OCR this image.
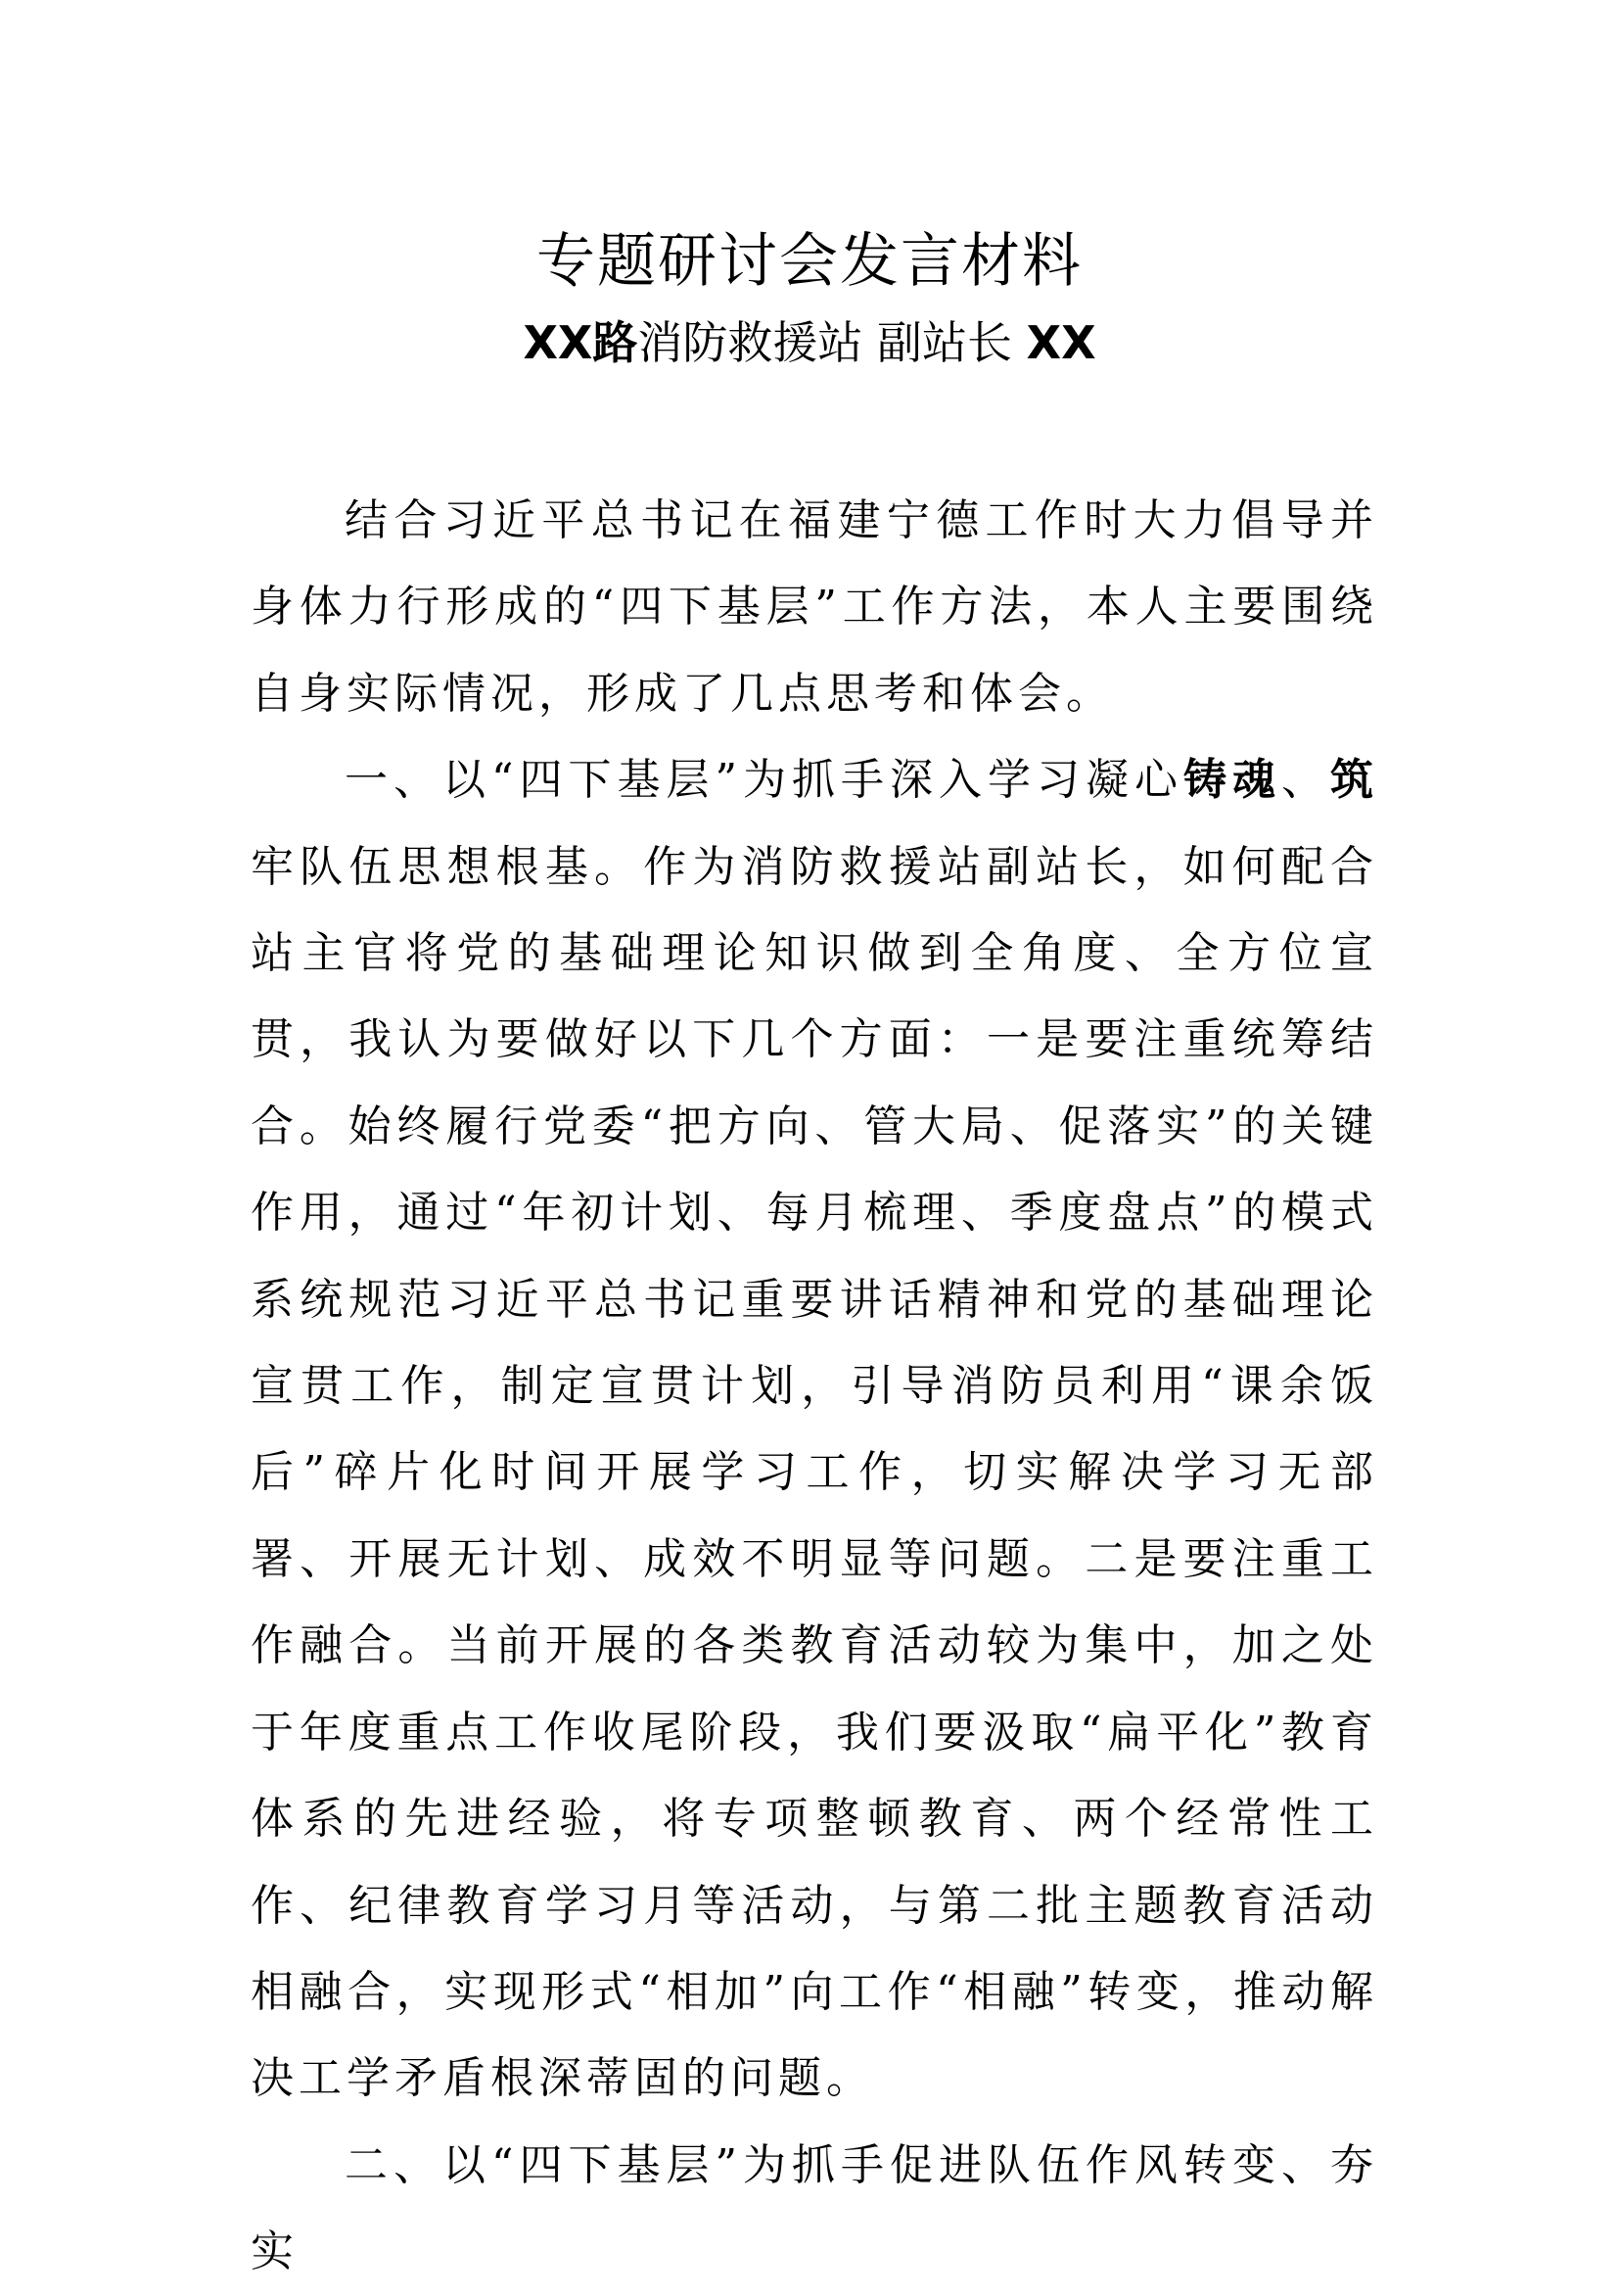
专题研讨会发言材料
XX路消防救援站 副站长 XX

结合习近平总书记在福建宁德工作时大力倡导并身体力行形成的“四下基层”工作方法，本人主要围绕自身实际情况，形成了几点思考和体会。

一、以“四下基层”为抓手深入学习凝心铸魂、筑牢队伍思想根基。作为消防救援站副站长，如何配合站主官将党的基础理论知识做到全角度、全方位宣贯，我认为要做好以下几个方面：一是要注重统筹结合。始终履行党委“把方向、管大局、促落实”的关键作用，通过“年初计划、每月梳理、季度盘点”的模式系统规范习近平总书记重要讲话精神和党的基础理论宣贯工作，制定宣贯计划，引导消防员利用“课余饭后”碎片化时间开展学习工作，切实解决学习无部署、开展无计划、成效不明显等问题。二是要注重工作融合。当前开展的各类教育活动较为集中，加之处于年度重点工作收尾阶段，我们要汲取“扁平化”教育体系的先进经验，将专项整顿教育、两个经常性工作、纪律教育学习月等活动，与第二批主题教育活动相融合，实现形式“相加”向工作“相融”转变，推动解决工学矛盾根深蒂固的问题。

二、以“四下基层”为抓手促进队伍作风转变、夯实
